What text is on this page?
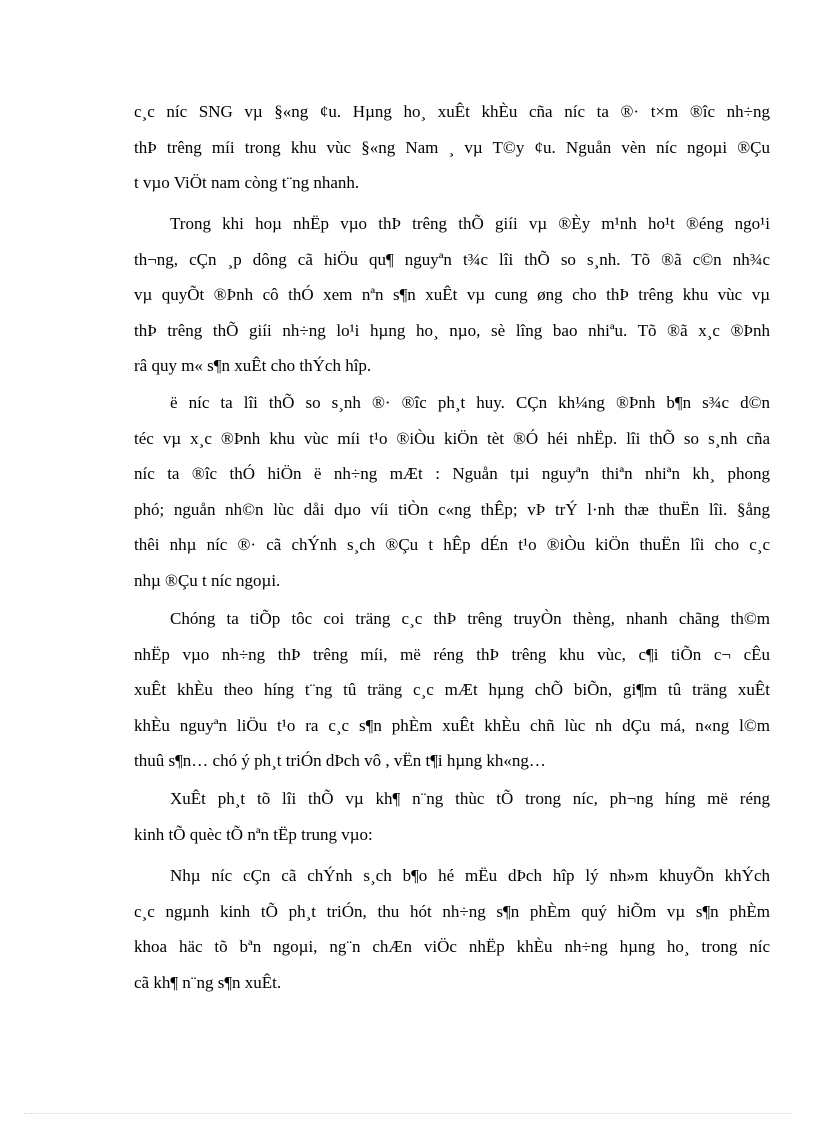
c¸c níc SNG vµ §«ng ¢u. Hµng ho¸ xuÊt khÈu cña níc ta ®· t×m ®îc nh÷ng
thÞ trêng míi trong khu vùc §«ng Nam ¸ vµ T©y ¢u. Nguån vèn níc ngoµi ®Çu
t vµo ViÖt nam còng t¨ng nhanh.
Trong khi hoµ nhËp vµo thÞ trêng thÕ giíi vµ ®Èy m¹nh ho¹t ®éng ngo¹i
th¬ng, cÇn ¸p dông cã hiÖu qu¶ nguyªn t¾c lîi thÕ so s¸nh. Tõ ®ã c©n nh¾c
vµ quyÕt ®Þnh cô thÓ xem nªn s¶n xuÊt vµ cung øng cho thÞ trêng khu vùc vµ
thÞ trêng thÕ giíi nh÷ng lo¹i hµng ho¸ nµo, sè lîng bao nhiªu. Tõ ®ã x¸c ®Þnh
râ quy m« s¶n xuÊt cho thÝch hîp.
ë níc ta lîi thÕ so s¸nh ®· ®îc ph¸t huy. CÇn kh¼ng ®Þnh b¶n s¾c d©n
téc vµ x¸c ®Þnh khu vùc míi t¹o ®iÒu kiÖn tèt ®Ó héi nhËp. lîi thÕ so s¸nh cña
níc ta ®îc thÓ hiÖn ë nh÷ng mÆt : Nguån tµi nguyªn thiªn nhiªn kh¸ phong
phó; nguån nh©n lùc dåi dµo víi tiÒn c«ng thÊp; vÞ trÝ l·nh thæ thuËn lîi. §ång
thêi nhµ níc ®· cã chÝnh s¸ch ®Çu t hÊp dÉn t¹o ®iÒu kiÖn thuËn lîi cho c¸c
nhµ ®Çu t níc ngoµi.
Chóng ta tiÕp tôc coi träng c¸c thÞ trêng truyÒn thèng, nhanh chãng th©m
nhËp vµo nh÷ng thÞ trêng míi, më réng thÞ trêng khu vùc, c¶i tiÕn c¬ cÊu
xuÊt khÈu theo híng t¨ng tû träng c¸c mÆt hµng chÕ biÕn, gi¶m tû träng xuÊt
khÈu nguyªn liÖu t¹o ra c¸c s¶n phÈm xuÊt khÈu chñ lùc nh dÇu má, n«ng l©m
thuû s¶n… chó ý ph¸t triÓn dÞch vô , vËn t¶i hµng kh«ng…
XuÊt ph¸t tõ lîi thÕ vµ kh¶ n¨ng thùc tÕ trong níc, ph¬ng híng më réng
kinh tÕ quèc tÕ nªn tËp trung vµo:
Nhµ níc cÇn cã chÝnh s¸ch b¶o hé mËu dÞch hîp lý nh»m khuyÕn khÝch
c¸c ngµnh kinh tÕ ph¸t triÓn, thu hót nh÷ng s¶n phÈm quý hiÕm vµ s¶n phÈm
khoa häc tõ bªn ngoµi, ng¨n chÆn viÖc nhËp khÈu nh÷ng hµng ho¸ trong níc
cã kh¶ n¨ng s¶n xuÊt.
